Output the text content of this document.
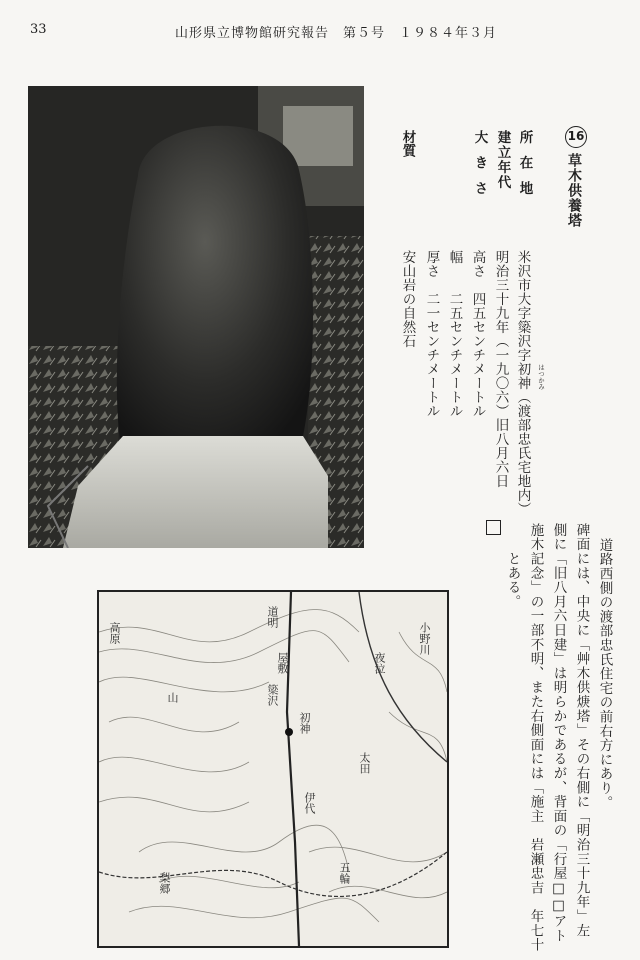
33	山形県立博物館研究報告　第５号　１９８４年３月
道明
屋敷
簗沢
初神
伊代
太田
小野川
夜泣
高原
山
梨郷	五輪
16
草木供養塔
所在地
建立年代
大きさ
材質
米沢市大字簗沢字初神（渡部忠氏宅地内） はつかみ
明治三十九年（一九〇六）旧八月六日
高さ　四五センチメートル
幅　　二五センチメートル
厚さ　二一センチメートル
安山岩の自然石
道路西側の渡部忠氏住宅の前右方にあり。
碑面には、中央に「艸木供焿塔」その右側に「明治三十九年」左
側に「旧八月六日建」は明らかであるが、背面の「行屋□□アト
施木記念」の一部不明、また右側面には「施主　岩瀬忠吉　年七十
　　とある。
